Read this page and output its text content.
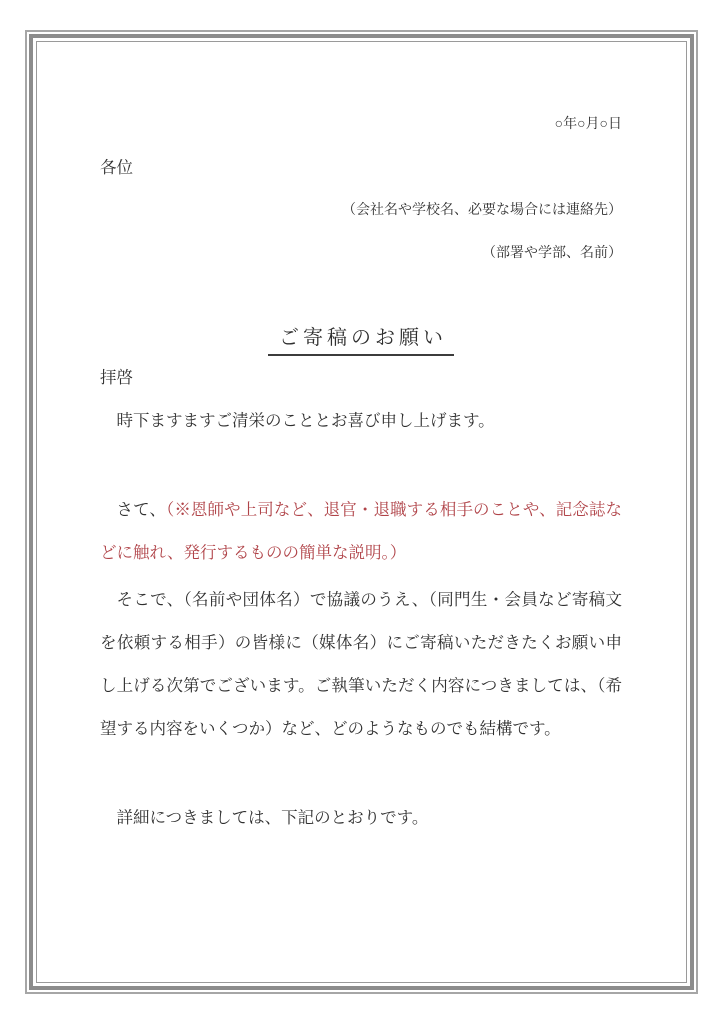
○年○月○日

各位

（会社名や学校名、必要な場合には連絡先）

（部署や学部、名前）

ご寄稿のお願い

拝啓

時下ますますご清栄のこととお喜び申し上げます。

さて、（※恩師や上司など、退官・退職する相手のことや、記念誌などに触れ、発行するものの簡単な説明。）

そこで、（名前や団体名）で協議のうえ、（同門生・会員など寄稿文を依頼する相手）の皆様に（媒体名）にご寄稿いただきたくお願い申し上げる次第でございます。ご執筆いただく内容につきましては、（希望する内容をいくつか）など、どのようなものでも結構です。

詳細につきましては、下記のとおりです。
